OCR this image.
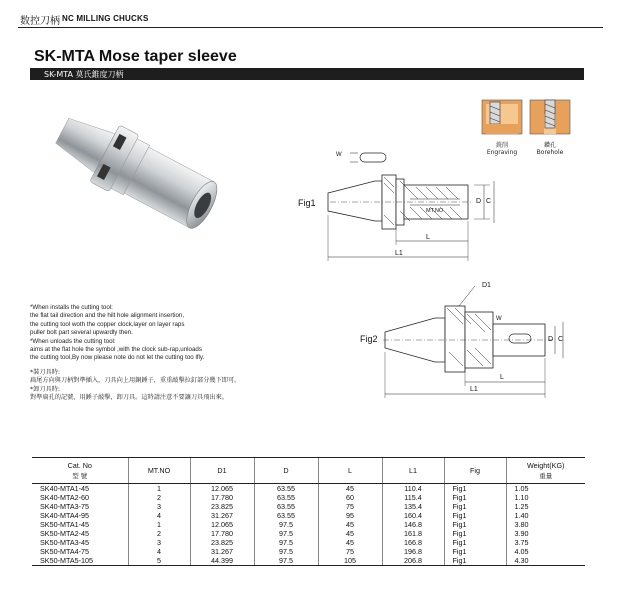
数控刀柄 NC MILLING CHUCKS
SK-MTA Mose taper sleeve
SK-MTA 莫氏錐度刀柄
銑削
Engraving
鑽孔
Borehole
Fig1
W
D C
MT.NO
L
L1
Fig2
D1
W
D C
L
L1
*When installs the cutting tool:
the flat tail direction and the hilt hole alignment insertion,
the cutting tool woth the copper clock,layer on layer raps
puller bolt part several upwardly then.
*When unloads the cutting tool:
aims at the flat hole the symbol ,with the clock sub-rap,unloads
the cutting tool,By now please note do not let the cutting too lfly.
*裝刀具時:
扁尾方向與刀柄對準插入，刀具向上用銅錘子，重重敲擊拉釘部分幾下即可。
*卸刀具時:
對準扁孔的記號，用錘子敲擊，卸刀具。這時請注意不要讓刀具飛出來。
Cat. No
型 號	MT.NO	D1	D	L	L1	Fig	Weight(KG)
重量

SK40-MTA1-45	1	12.065	63.55	45	110.4	Fig1	1.05
SK40-MTA2-60	2	17.780	63.55	60	115.4	Fig1	1.10
SK40-MTA3-75	3	23.825	63.55	75	135.4	Fig1	1.25
SK40-MTA4-95	4	31.267	63.55	95	160.4	Fig1	1.40
SK50-MTA1-45	1	12.065	97.5	45	146.8	Fig1	3.80
SK50-MTA2-45	2	17.780	97.5	45	161.8	Fig1	3.90
SK50-MTA3-45	3	23.825	97.5	45	166.8	Fig1	3.75
SK50-MTA4-75	4	31.267	97.5	75	196.8	Fig1	4.05
SK50-MTA5-105	5	44.399	97.5	105	206.8	Fig1	4.30
